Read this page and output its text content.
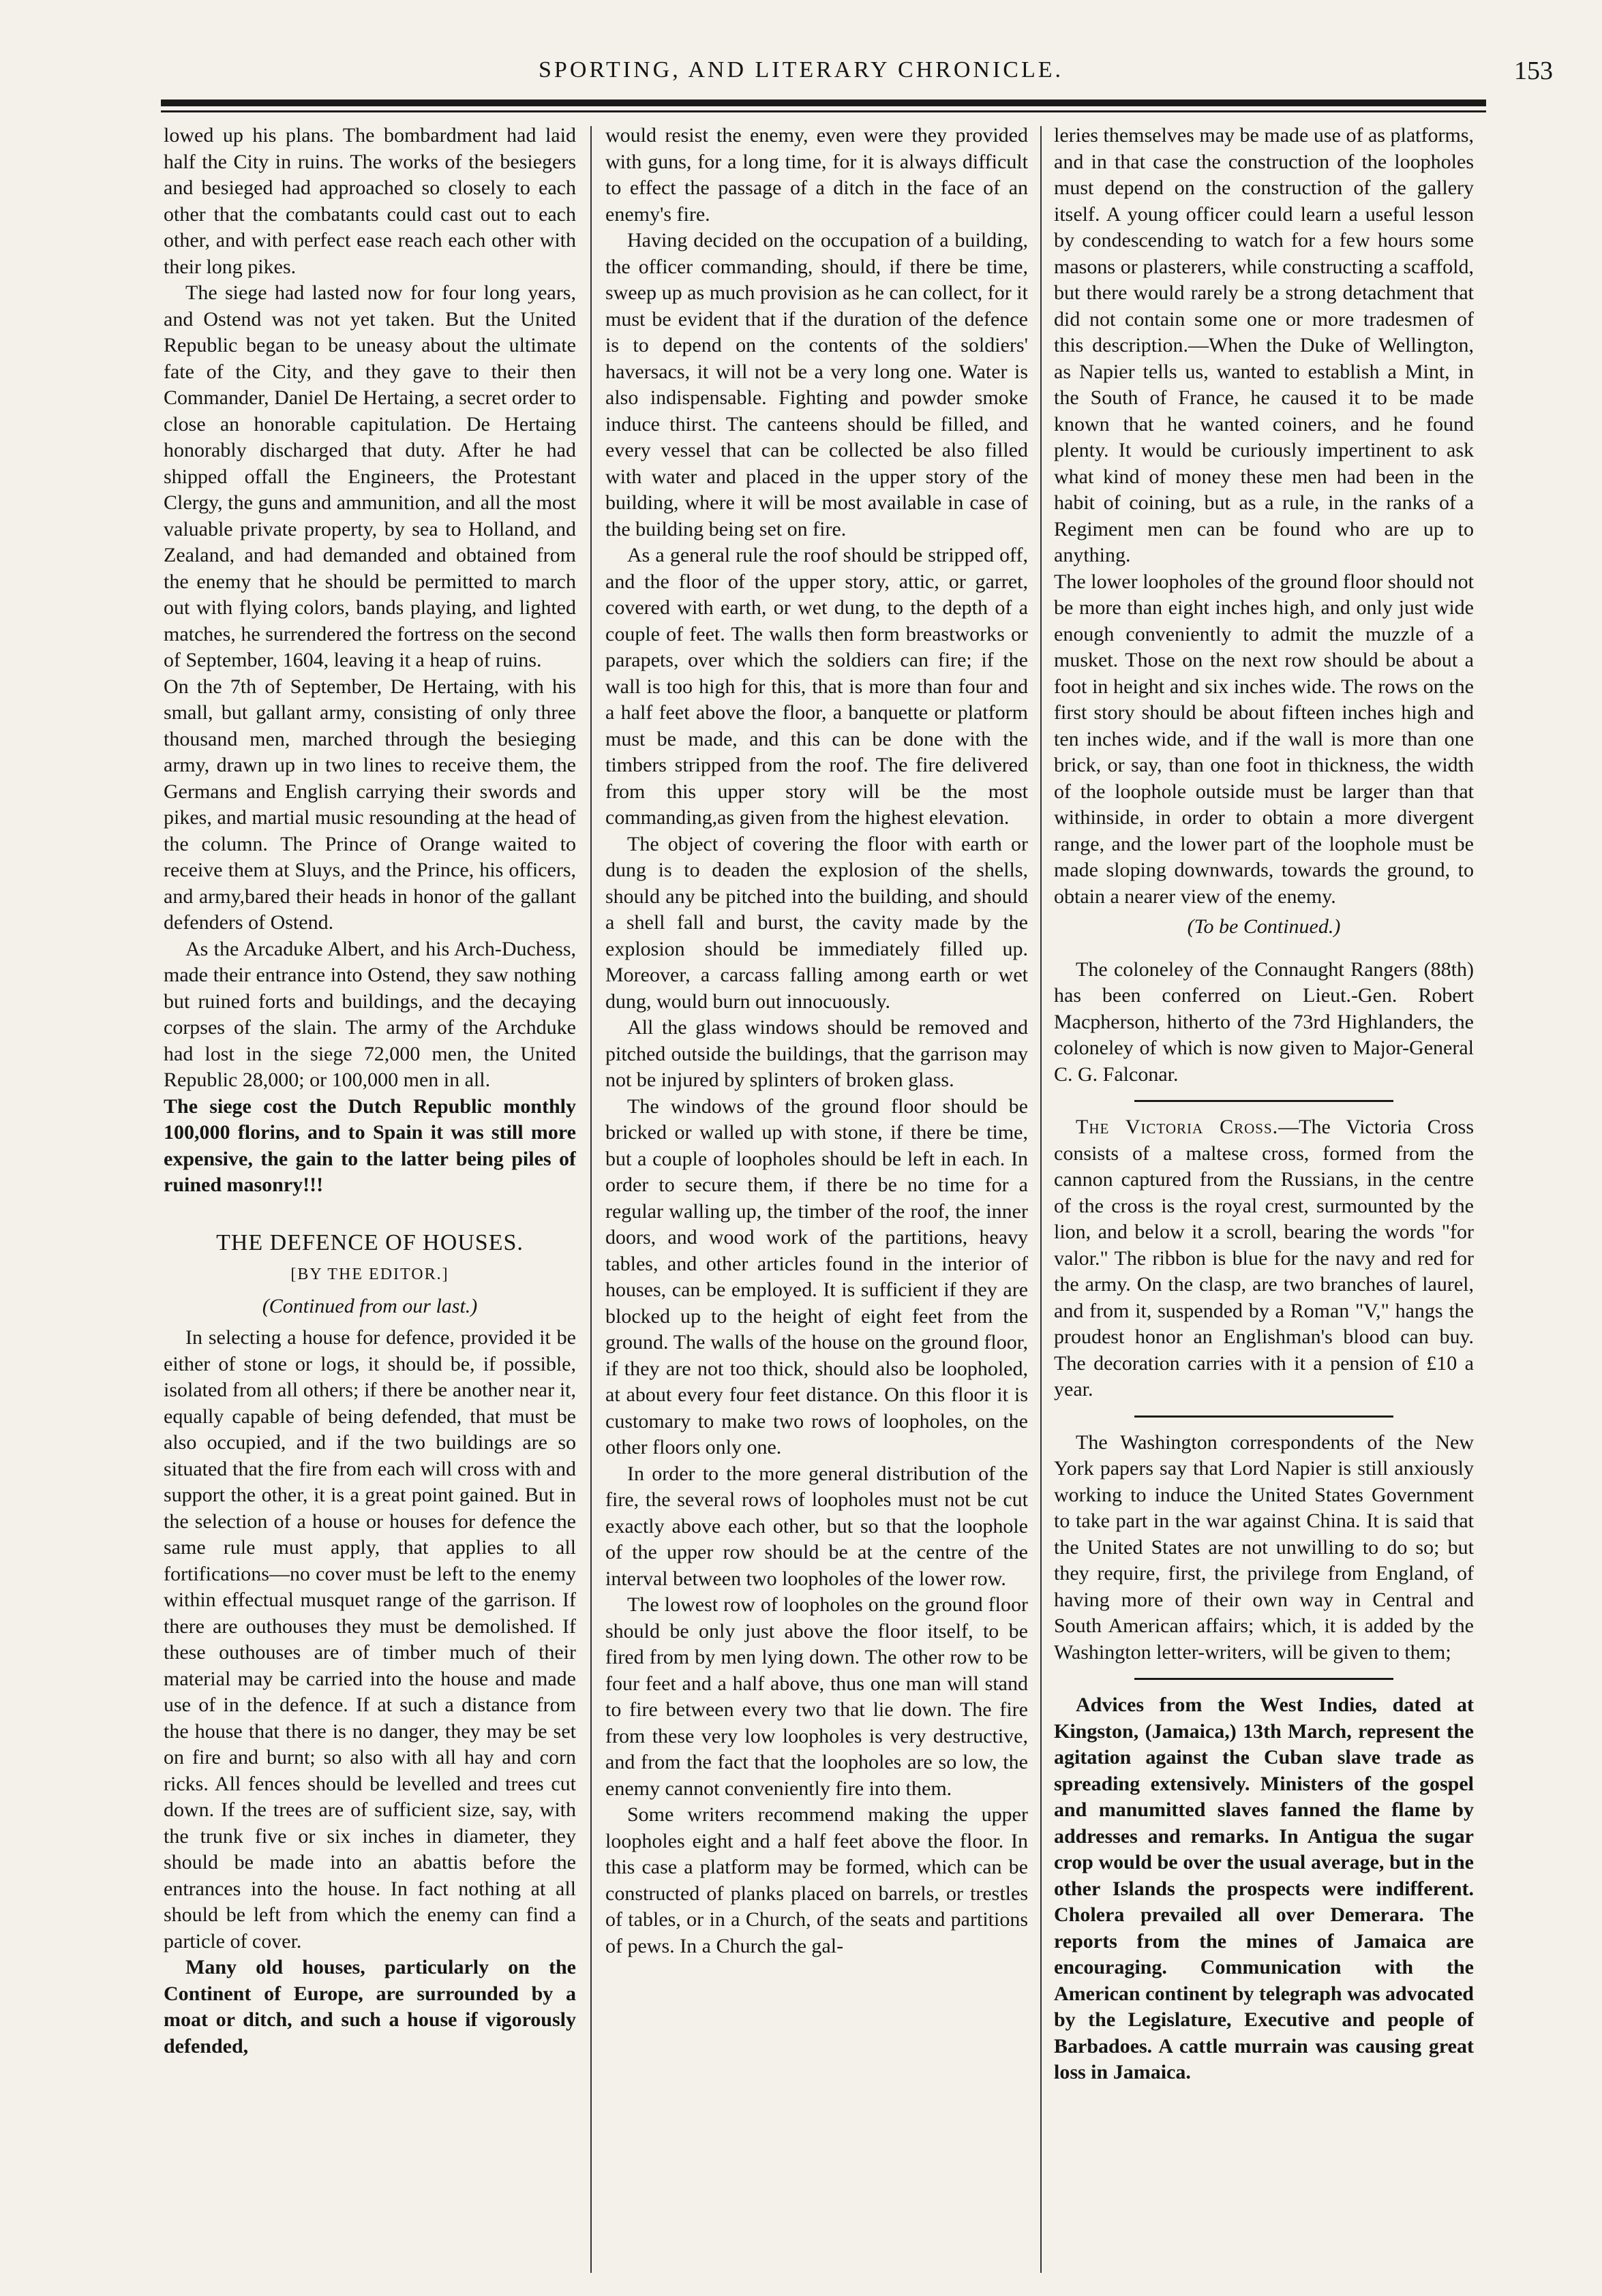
SPORTING, AND LITERARY CHRONICLE.	153

lowed up his plans. The bombardment had laid half the City in ruins. The works of the besiegers and besieged had approached so closely to each other that the combatants could cast out to each other, and with perfect ease reach each other with their long pikes.

The siege had lasted now for four long years, and Ostend was not yet taken. But the United Republic began to be uneasy about the ultimate fate of the City, and they gave to their then Commander, Daniel De Hertaing, a secret order to close an honorable capitulation. De Hertaing honorably discharged that duty. After he had shipped offall the Engineers, the Protestant Clergy, the guns and ammunition, and all the most valuable private property, by sea to Holland, and Zealand, and had demanded and obtained from the enemy that he should be permitted to march out with flying colors, bands playing, and lighted matches, he surrendered the fortress on the second of September, 1604, leaving it a heap of ruins.

On the 7th of September, De Hertaing, with his small, but gallant army, consisting of only three thousand men, marched through the besieging army, drawn up in two lines to receive them, the Germans and English carrying their swords and pikes, and martial music resounding at the head of the column. The Prince of Orange waited to receive them at Sluys, and the Prince, his officers, and army,bared their heads in honor of the gallant defenders of Ostend.

As the Arcaduke Albert, and his Arch-Duchess, made their entrance into Ostend, they saw nothing but ruined forts and buildings, and the decaying corpses of the slain. The army of the Archduke had lost in the siege 72,000 men, the United Republic 28,000; or 100,000 men in all.

The siege cost the Dutch Republic monthly 100,000 florins, and to Spain it was still more expensive, the gain to the latter being piles of ruined masonry!!!

THE DEFENCE OF HOUSES.
[BY THE EDITOR.]
(Continued from our last.)

In selecting a house for defence, provided it be either of stone or logs, it should be, if possible, isolated from all others; if there be another near it, equally capable of being defended, that must be also occupied, and if the two buildings are so situated that the fire from each will cross with and support the other, it is a great point gained. But in the selection of a house or houses for defence the same rule must apply, that applies to all fortifications—no cover must be left to the enemy within effectual musquet range of the garrison. If there are outhouses they must be demolished. If these outhouses are of timber much of their material may be carried into the house and made use of in the defence. If at such a distance from the house that there is no danger, they may be set on fire and burnt; so also with all hay and corn ricks. All fences should be levelled and trees cut down. If the trees are of sufficient size, say, with the trunk five or six inches in diameter, they should be made into an abattis before the entrances into the house. In fact nothing at all should be left from which the enemy can find a particle of cover.

Many old houses, particularly on the Continent of Europe, are surrounded by a moat or ditch, and such a house if vigorously defended,

would resist the enemy, even were they provided with guns, for a long time, for it is always difficult to effect the passage of a ditch in the face of an enemy's fire.

Having decided on the occupation of a building, the officer commanding, should, if there be time, sweep up as much provision as he can collect, for it must be evident that if the duration of the defence is to depend on the contents of the soldiers' haversacs, it will not be a very long one. Water is also indispensable. Fighting and powder smoke induce thirst. The canteens should be filled, and every vessel that can be collected be also filled with water and placed in the upper story of the building, where it will be most available in case of the building being set on fire.

As a general rule the roof should be stripped off, and the floor of the upper story, attic, or garret, covered with earth, or wet dung, to the depth of a couple of feet. The walls then form breastworks or parapets, over which the soldiers can fire; if the wall is too high for this, that is more than four and a half feet above the floor, a banquette or platform must be made, and this can be done with the timbers stripped from the roof. The fire delivered from this upper story will be the most commanding,as given from the highest elevation.

The object of covering the floor with earth or dung is to deaden the explosion of the shells, should any be pitched into the building, and should a shell fall and burst, the cavity made by the explosion should be immediately filled up. Moreover, a carcass falling among earth or wet dung, would burn out innocuously.

All the glass windows should be removed and pitched outside the buildings, that the garrison may not be injured by splinters of broken glass.

The windows of the ground floor should be bricked or walled up with stone, if there be time, but a couple of loopholes should be left in each. In order to secure them, if there be no time for a regular walling up, the timber of the roof, the inner doors, and wood work of the partitions, heavy tables, and other articles found in the interior of houses, can be employed. It is sufficient if they are blocked up to the height of eight feet from the ground. The walls of the house on the ground floor, if they are not too thick, should also be loopholed, at about every four feet distance. On this floor it is customary to make two rows of loopholes, on the other floors only one.

In order to the more general distribution of the fire, the several rows of loopholes must not be cut exactly above each other, but so that the loophole of the upper row should be at the centre of the interval between two loopholes of the lower row.

The lowest row of loopholes on the ground floor should be only just above the floor itself, to be fired from by men lying down. The other row to be four feet and a half above, thus one man will stand to fire between every two that lie down. The fire from these very low loopholes is very destructive, and from the fact that the loopholes are so low, the enemy cannot conveniently fire into them.

Some writers recommend making the upper loopholes eight and a half feet above the floor. In this case a platform may be formed, which can be constructed of planks placed on barrels, or trestles of tables, or in a Church, of the seats and partitions of pews. In a Church the gal-

leries themselves may be made use of as platforms, and in that case the construction of the loopholes must depend on the construction of the gallery itself. A young officer could learn a useful lesson by condescending to watch for a few hours some masons or plasterers, while constructing a scaffold, but there would rarely be a strong detachment that did not contain some one or more tradesmen of this description.—When the Duke of Wellington, as Napier tells us, wanted to establish a Mint, in the South of France, he caused it to be made known that he wanted coiners, and he found plenty. It would be curiously impertinent to ask what kind of money these men had been in the habit of coining, but as a rule, in the ranks of a Regiment men can be found who are up to anything.

The lower loopholes of the ground floor should not be more than eight inches high, and only just wide enough conveniently to admit the muzzle of a musket. Those on the next row should be about a foot in height and six inches wide. The rows on the first story should be about fifteen inches high and ten inches wide, and if the wall is more than one brick, or say, than one foot in thickness, the width of the loophole outside must be larger than that withinside, in order to obtain a more divergent range, and the lower part of the loophole must be made sloping downwards, towards the ground, to obtain a nearer view of the enemy.

(To be Continued.)

The coloneley of the Connaught Rangers (88th) has been conferred on Lieut.-Gen. Robert Macpherson, hitherto of the 73rd Highlanders, the coloneley of which is now given to Major-General C. G. Falconar.

The Victoria Cross.—The Victoria Cross consists of a maltese cross, formed from the cannon captured from the Russians, in the centre of the cross is the royal crest, surmounted by the lion, and below it a scroll, bearing the words "for valor." The ribbon is blue for the navy and red for the army. On the clasp, are two branches of laurel, and from it, suspended by a Roman "V," hangs the proudest honor an Englishman's blood can buy. The decoration carries with it a pension of £10 a year.

The Washington correspondents of the New York papers say that Lord Napier is still anxiously working to induce the United States Government to take part in the war against China. It is said that the United States are not unwilling to do so; but they require, first, the privilege from England, of having more of their own way in Central and South American affairs; which, it is added by the Washington letter-writers, will be given to them;

Advices from the West Indies, dated at Kingston, (Jamaica,) 13th March, represent the agitation against the Cuban slave trade as spreading extensively. Ministers of the gospel and manumitted slaves fanned the flame by addresses and remarks. In Antigua the sugar crop would be over the usual average, but in the other Islands the prospects were indifferent. Cholera prevailed all over Demerara. The reports from the mines of Jamaica are encouraging. Communication with the American continent by telegraph was advocated by the Legislature, Executive and people of Barbadoes. A cattle murrain was causing great loss in Jamaica.
